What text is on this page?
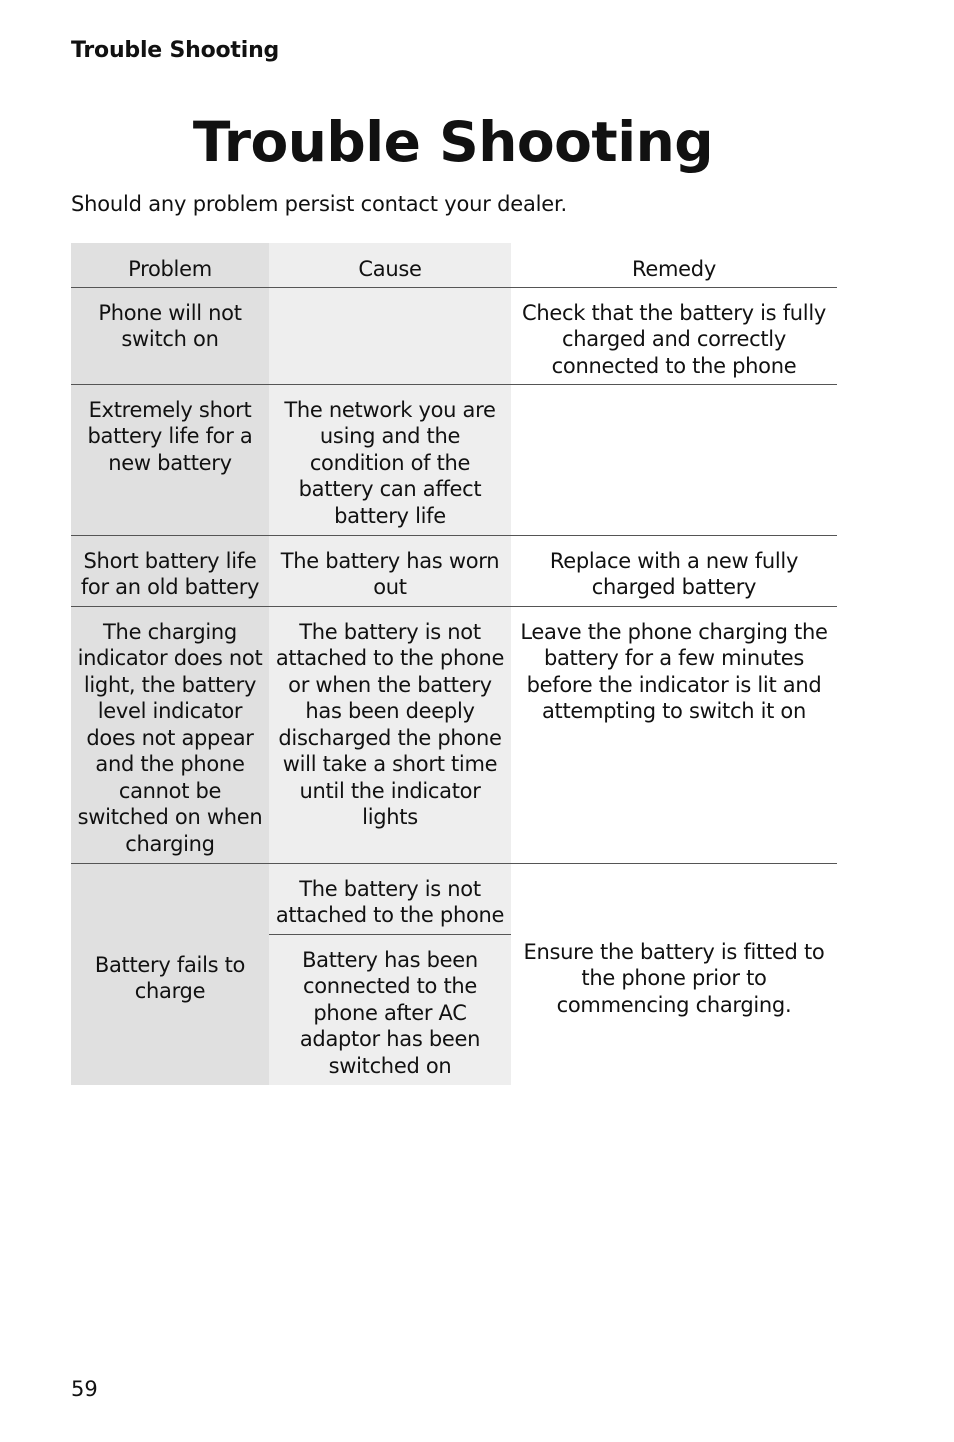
Trouble Shooting
Trouble Shooting
Should any problem persist contact your dealer.
Problem	Cause	Remedy
Phone will not switch on		Check that the battery is fully charged and correctly connected to the phone
Extremely short battery life for a new battery	The network you are using and the condition of the battery can affect battery life	
Short battery life for an old battery	The battery has worn out	Replace with a new fully charged battery
The charging indicator does not light, the battery level indicator does not appear and the phone cannot be switched on when charging	The battery is not attached to the phone or when the battery has been deeply discharged the phone will take a short time until the indicator lights	Leave the phone charging the battery for a few minutes before the indicator is lit and attempting to switch it on
Battery fails to charge	The battery is not attached to the phone	Ensure the battery is fitted to the phone prior to commencing charging.
	Battery has been connected to the phone after AC adaptor has been switched on	
59
